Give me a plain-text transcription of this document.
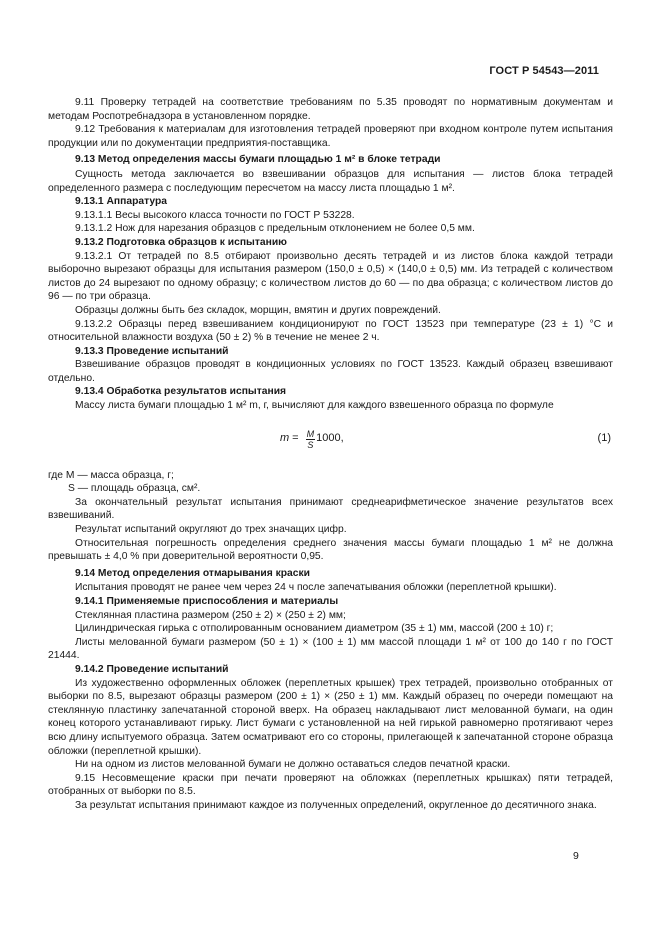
ГОСТ Р 54543—2011

9.11 Проверку тетрадей на соответствие требованиям по 5.35 проводят по нормативным документам и методам Роспотребнадзора в установленном порядке.

9.12 Требования к материалам для изготовления тетрадей проверяют при входном контроле путем испытания продукции или по документации предприятия-поставщика.

9.13 Метод определения массы бумаги площадью 1 м² в блоке тетради

Сущность метода заключается во взвешивании образцов для испытания — листов блока тетрадей определенного размера с последующим пересчетом на массу листа площадью 1 м².

9.13.1 Аппаратура

9.13.1.1 Весы высокого класса точности по ГОСТ Р 53228.

9.13.1.2 Нож для нарезания образцов с предельным отклонением не более 0,5 мм.

9.13.2 Подготовка образцов к испытанию

9.13.2.1 От тетрадей по 8.5 отбирают произвольно десять тетрадей и из листов блока каждой тетради выборочно вырезают образцы для испытания размером (150,0 ± 0,5) × (140,0 ± 0,5) мм. Из тетрадей с количеством листов до 24 вырезают по одному образцу; с количеством листов до 60 — по два образца; с количеством листов до 96 — по три образца.

Образцы должны быть без складок, морщин, вмятин и других повреждений.

9.13.2.2 Образцы перед взвешиванием кондиционируют по ГОСТ 13523 при температуре (23 ± 1) °С и относительной влажности воздуха (50 ± 2) % в течение не менее 2 ч.

9.13.3 Проведение испытаний

Взвешивание образцов проводят в кондиционных условиях по ГОСТ 13523. Каждый образец взвешивают отдельно.

9.13.4 Обработка результатов испытания

Массу листа бумаги площадью 1 м² m, г, вычисляют для каждого взвешенного образца по формуле

$m = \frac{M}{S} 1000$,	(1)

где M — масса образца, г;

S — площадь образца, см².

За окончательный результат испытания принимают среднеарифметическое значение результатов всех взвешиваний.

Результат испытаний округляют до трех значащих цифр.

Относительная погрешность определения среднего значения массы бумаги площадью 1 м² не должна превышать ± 4,0 % при доверительной вероятности 0,95.

9.14 Метод определения отмарывания краски

Испытания проводят не ранее чем через 24 ч после запечатывания обложки (переплетной крышки).

9.14.1 Применяемые приспособления и материалы

Стеклянная пластина размером (250 ± 2) × (250 ± 2) мм;

Цилиндрическая гирька с отполированным основанием диаметром (35 ± 1) мм, массой (200 ± 10) г;

Листы мелованной бумаги размером (50 ± 1) × (100 ± 1) мм массой площади 1 м² от 100 до 140 г по ГОСТ 21444.

9.14.2 Проведение испытаний

Из художественно оформленных обложек (переплетных крышек) трех тетрадей, произвольно отобранных от выборки по 8.5, вырезают образцы размером (200 ± 1) × (250 ± 1) мм. Каждый образец по очереди помещают на стеклянную пластинку запечатанной стороной вверх. На образец накладывают лист мелованной бумаги, на один конец которого устанавливают гирьку. Лист бумаги с установленной на ней гирькой равномерно протягивают через всю длину испытуемого образца. Затем осматривают его со стороны, прилегающей к запечатанной стороне образца обложки (переплетной крышки).

Ни на одном из листов мелованной бумаги не должно оставаться следов печатной краски.

9.15 Несовмещение краски при печати проверяют на обложках (переплетных крышках) пяти тетрадей, отобранных от выборки по 8.5.

За результат испытания принимают каждое из полученных определений, округленное до десятичного знака.

9
